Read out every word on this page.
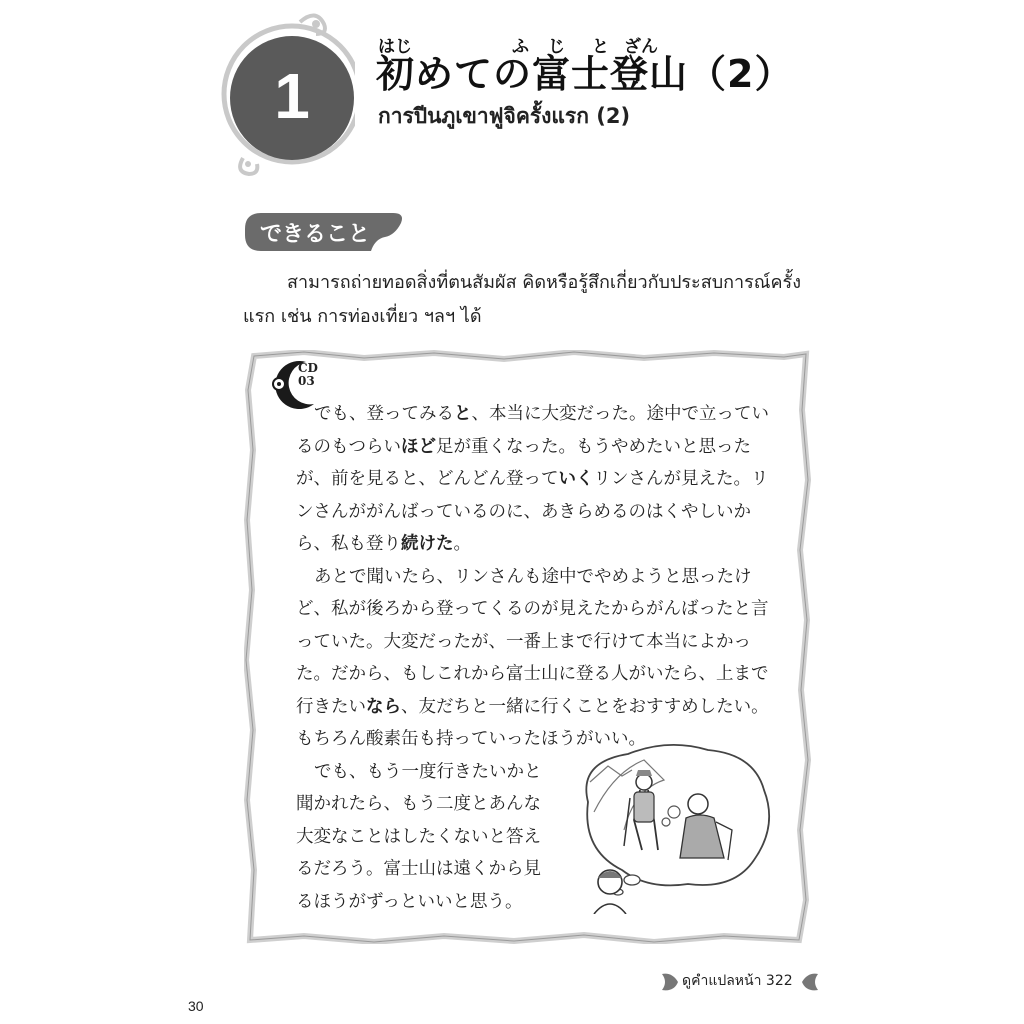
1
はじ	ふ じ と ざん
初めての富士登山（2）
การปีนภูเขาฟูจิครั้งแรก (2)
できること
สามารถถ่ายทอดสิ่งที่ตนสัมผัส คิดหรือรู้สึกเกี่ยวกับประสบการณ์ครั้งแรก เช่น การท่องเที่ยว ฯลฯ ได้
CD
03

でも、登ってみると、本当に大変だった。途中で立っているのもつらいほど足が重くなった。もうやめたいと思ったが、前を見ると、どんどん登っていくリンさんが見えた。リンさんががんばっているのに、あきらめるのはくやしいから、私も登り続けた。

あとで聞いたら、リンさんも途中でやめようと思ったけど、私が後ろから登ってくるのが見えたからがんばったと言っていた。大変だったが、一番上まで行けて本当によかった。だから、もしこれから富士山に登る人がいたら、上まで行きたいなら、友だちと一緒に行くことをおすすめしたい。もちろん酸素缶も持っていったほうがいい。

でも、もう一度行きたいかと聞かれたら、もう二度とあんな大変なことはしたくないと答えるだろう。富士山は遠くから見るほうがずっといいと思う。

ดูคำแปลหน้า 322
30
